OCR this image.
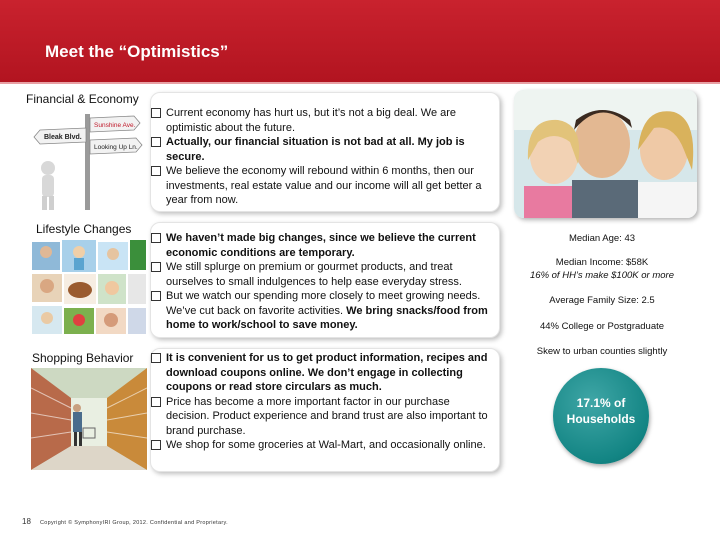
Meet the “Optimistics”
Financial & Economy
Bleak Blvd.
Sunshine Ave.
Looking Up Ln.
Current economy has hurt us, but it’s not a big deal. We are optimistic about the future.
Actually, our financial situation is not bad at all. My job is secure.
We believe the economy will rebound within 6 months, then our investments, real estate value and our income will all get better a year from now.
Lifestyle Changes
We haven’t made big changes, since we believe the current economic conditions are temporary.
We still splurge on premium or gourmet products, and treat ourselves to small indulgences to help ease everyday stress.
But we watch our spending more closely to meet growing needs. We’ve cut back on favorite activities. We bring snacks/food from home to work/school to save money.
Shopping Behavior	It is convenient for us to get product information, recipes and download coupons online. We don’t engage in collecting coupons or read store circulars as much.
Price has become a more important factor in our purchase decision. Product experience and brand trust are also important to brand purchase.
We shop for some groceries at Wal-Mart, and occasionally online.
Median Age: 43
Median Income: $58K
16% of HH’s make $100K or more
Average Family Size: 2.5
44% College or Postgraduate
Skew to urban counties slightly
17.1% of
Households
18 Copyright © SymphonyIRI Group, 2012. Confidential and Proprietary.
